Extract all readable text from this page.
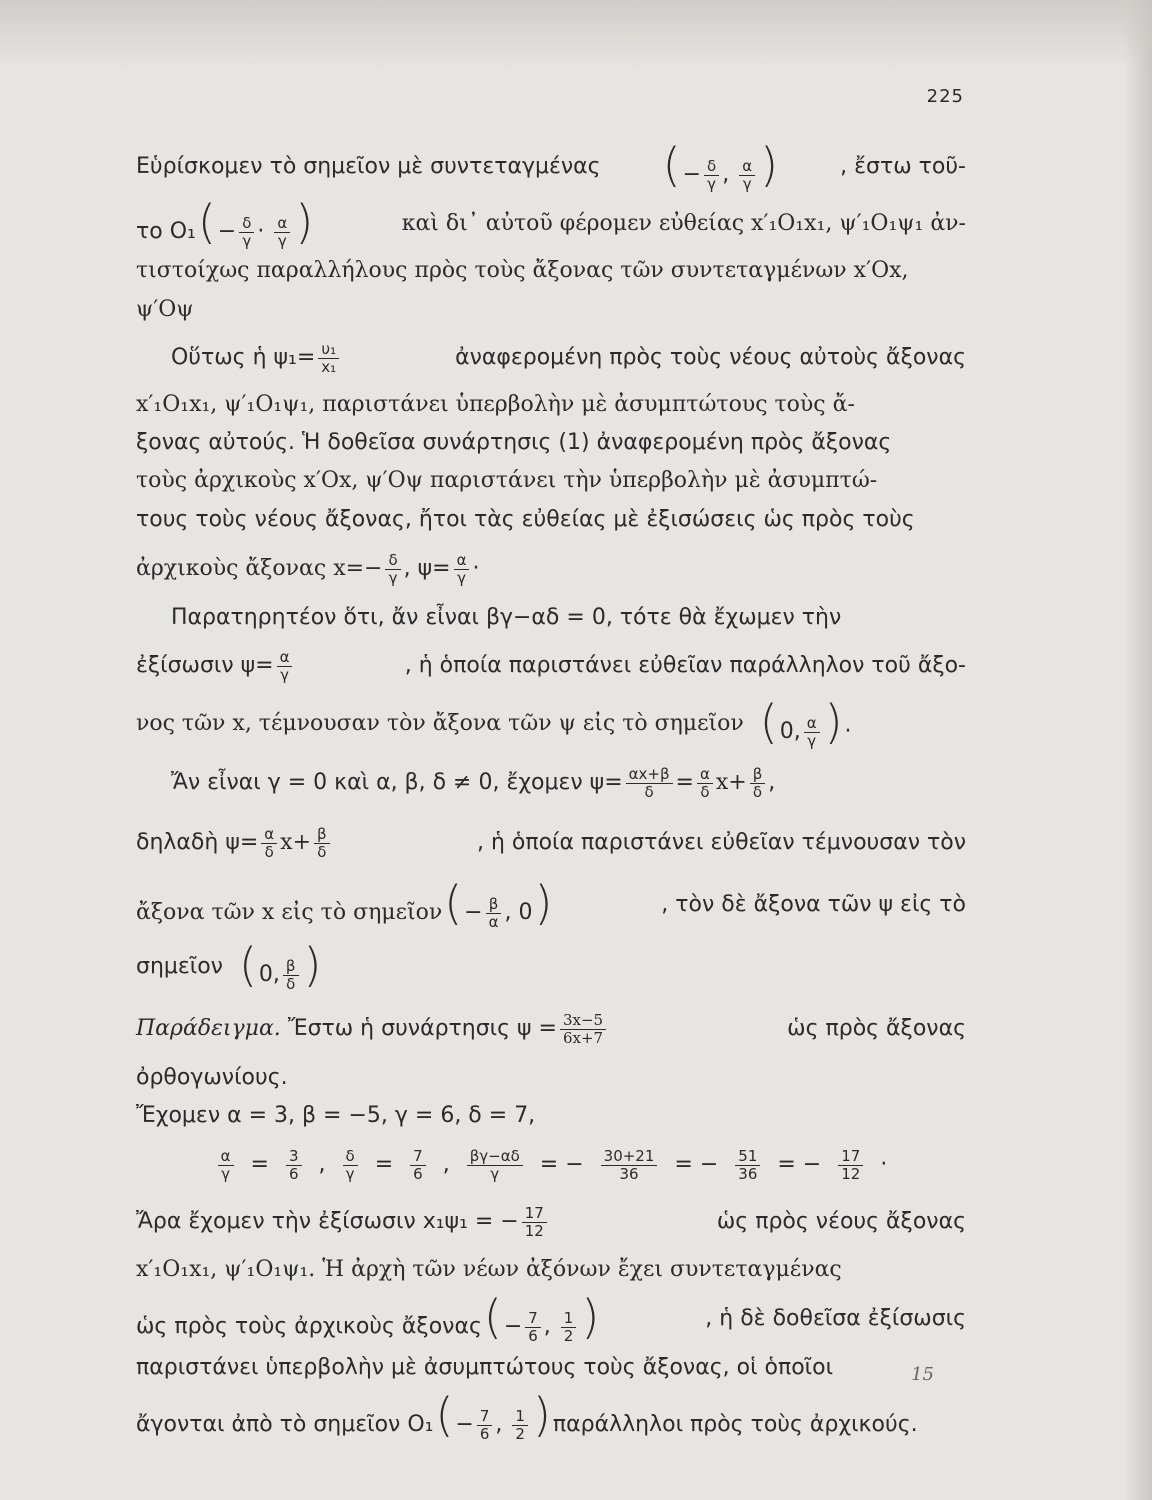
225
Εὑρίσκομεν τὸ σημεῖον μὲ συντεταγμένας (− $\frac{\delta}{\gamma}$ , $\frac{\alpha}{\gamma}$ )	, ἔστω τοῦ-
το $O_1(- \frac{\delta}{\gamma} \cdot \frac{\alpha}{\gamma}$ )	καὶ δι᾽ αὐτοῦ φέρομεν εὐθείας x′₁O₁x₁, ψ′₁O₁ψ₁ ἀν-
τιστοίχως παραλλήλους πρὸς τοὺς ἄξονας τῶν συντεταγμένων x′Ox,
ψ′Oψ
Οὕτως ἡ $\psi_1= \frac{\text{υ₁}}{\text{x₁}}$	ἀναφερομένη πρὸς τοὺς νέους αὐτοὺς ἄξονας
x′₁O₁x₁, ψ′₁O₁ψ₁, παριστάνει ὑπερβολὴν μὲ ἀσυμπτώτους τοὺς ἄ-
ξονας αὐτούς. Ἡ δοθεῖσα συνάρτησις (1) ἀναφερομένη πρὸς ἄξονας
τοὺς ἀρχικοὺς x′Ox, ψ′Oψ παριστάνει τὴν ὑπερβολὴν μὲ ἀσυμπτώ-
τους τοὺς νέους ἄξονας, ἤτοι τὰς εὐθείας μὲ ἐξισώσεις ὡς πρὸς τοὺς
ἀρχικοὺς ἄξονας $x=- \frac{\delta}{\gamma}$ , $\psi= \frac{\alpha}{\gamma}$ ·
Παρατηρητέον ὅτι, ἄν εἶναι βγ−αδ = 0, τότε θὰ ἔχωμεν τὴν
ἐξίσωσιν $\psi= \frac{\alpha}{\gamma}$	, ἡ ὁποία παριστάνει εὐθεῖαν παράλληλον τοῦ ἄξο-
νος τῶν x, τέμνουσαν τὸν ἄξονα τῶν ψ εἰς τὸ σημεῖον (0, $\frac{\alpha}{\gamma}$ )·
Ἄν εἶναι γ = 0 καὶ α, β, δ ≠ 0, ἔχομεν $\psi= \frac{\alpha x+\beta}{\delta} = \frac{\alpha}{\delta} x+ \frac{\beta}{\delta}$ ,
δηλαδὴ $\psi= \frac{\alpha}{\delta} x+ \frac{\beta}{\delta}$	, ἡ ὁποία παριστάνει εὐθεῖαν τέμνουσαν τὸν
ἄξονα τῶν x εἰς τὸ σημεῖον(− $\frac{\beta}{\alpha}$ , 0)	, τὸν δὲ ἄξονα τῶν ψ εἰς τὸ
σημεῖον (0, $\frac{\beta}{\delta}$ )
Παράδειγμα. Ἔστω ἡ συνάρτησις $\psi = \frac{3x-5}{6x+7}$	ὡς πρὸς ἄξονας
ὀρθογωνίους.
Ἔχομεν α = 3, β = −5, γ = 6, δ = 7,
α
γ = 3
6 , δ
γ = 7
6 , βγ−αδ
γ = − 30+21
36 = − 51
36 = − 17
12 ·
Ἄρα ἔχομεν τὴν ἐξίσωσιν x₁ψ₁ = − $\frac{17}{12}$	ὡς πρὸς νέους ἄξονας
x′₁O₁x₁, ψ′₁O₁ψ₁. Ἡ ἀρχὴ τῶν νέων ἀξόνων ἔχει συντεταγμένας
ὡς πρὸς τοὺς ἀρχικοὺς ἄξονας(− $\frac{7}{6}$ , $\frac{1}{2}$ )	, ἡ δὲ δοθεῖσα ἐξίσωσις
παριστάνει ὑπερβολὴν μὲ ἀσυμπτώτους τοὺς ἄξονας, οἱ ὁποῖοι
ἄγονται ἀπὸ τὸ σημεῖον $O_1(- \frac{7}{6}$ , $\frac{1}{2} )\pi\alpha\rho ά\lambda\lambda\eta\lambda o\iota$ πρὸς τοὺς ἀρχικούς.
15
